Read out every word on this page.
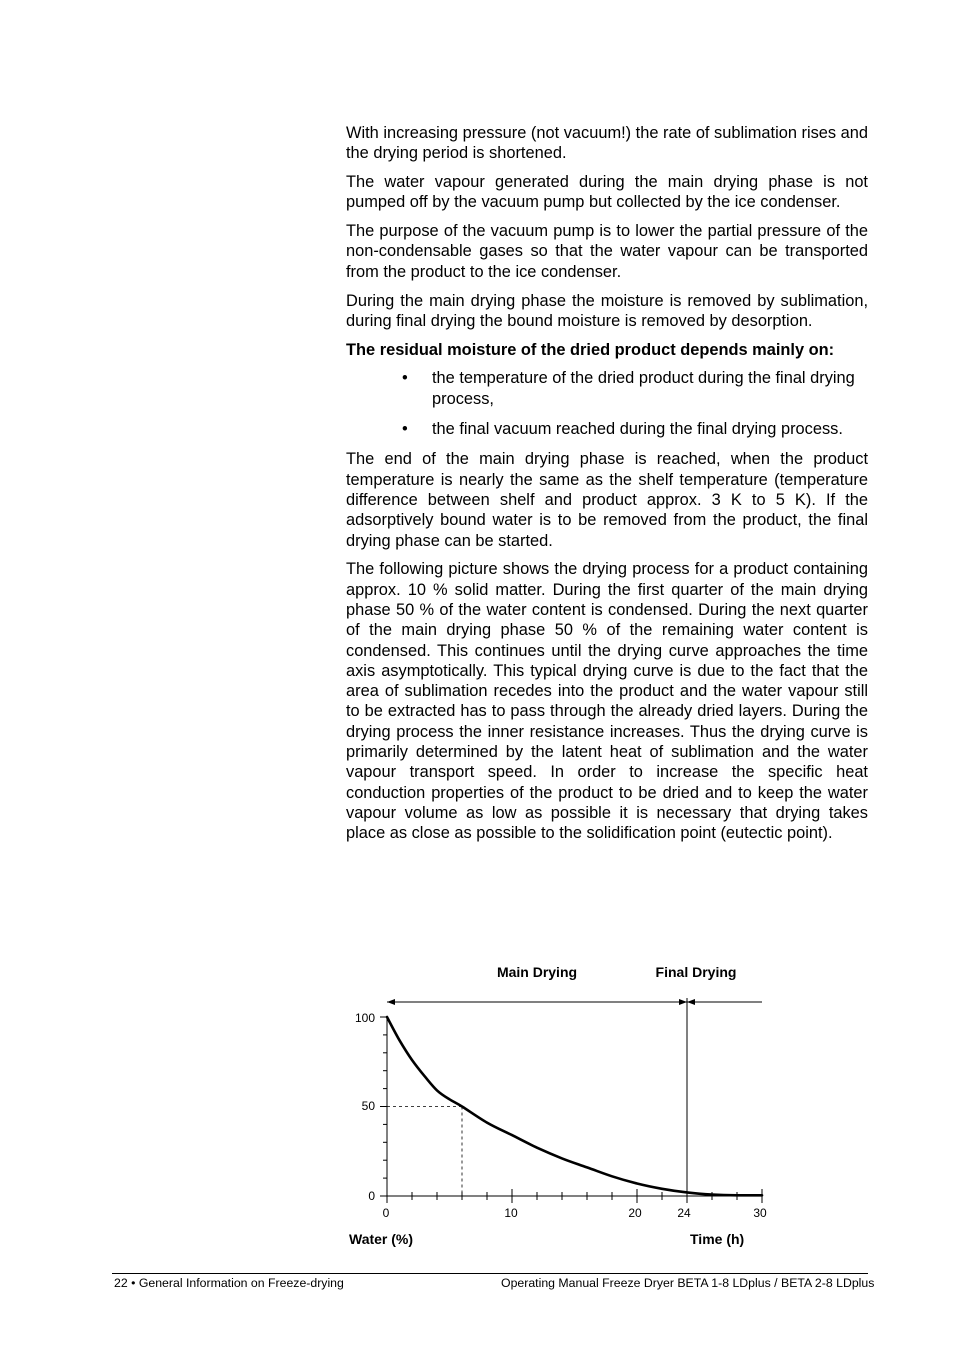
With increasing pressure (not vacuum!) the rate of sublimation rises and the drying period is shortened.

The water vapour generated during the main drying phase is not pumped off by the vacuum pump but collected by the ice condenser.

The purpose of the vacuum pump is to lower the partial pressure of the non-condensable gases so that the water vapour can be transported from the product to the ice condenser.

During the main drying phase the moisture is removed by sublimation, during final drying the bound moisture is removed by desorption.

The residual moisture of the dried product depends mainly on:

• the temperature of the dried product during the final drying process,
• the final vacuum reached during the final drying process.

The end of the main drying phase is reached, when the product temperature is nearly the same as the shelf temperature (temperature difference between shelf and product approx. 3 K to 5 K). If the adsorptively bound water is to be removed from the product, the final drying phase can be started.

The following picture shows the drying process for a product containing approx. 10 % solid matter. During the first quarter of the main drying phase 50 % of the water content is condensed. During the next quarter of the main drying phase 50 % of the remaining water content is condensed. This continues until the drying curve approaches the time axis asymptotically. This typical drying curve is due to the fact that the area of sublimation recedes into the product and the water vapour still to be extracted has to pass through the already dried layers. During the drying process the inner resistance increases. Thus the drying curve is primarily determined by the latent heat of sublimation and the water vapour transport speed. In order to increase the specific heat conduction properties of the product to be dried and to keep the water vapour volume as low as possible it is necessary that drying takes place as close as possible to the solidification point (eutectic point).

Main Drying	Final Drying
Water (%)	Time (h)
100
50
0
0	10	20	24	30
22 • General Information on Freeze-drying	Operating Manual Freeze Dryer BETA 1-8 LDplus / BETA 2-8 LDplus
